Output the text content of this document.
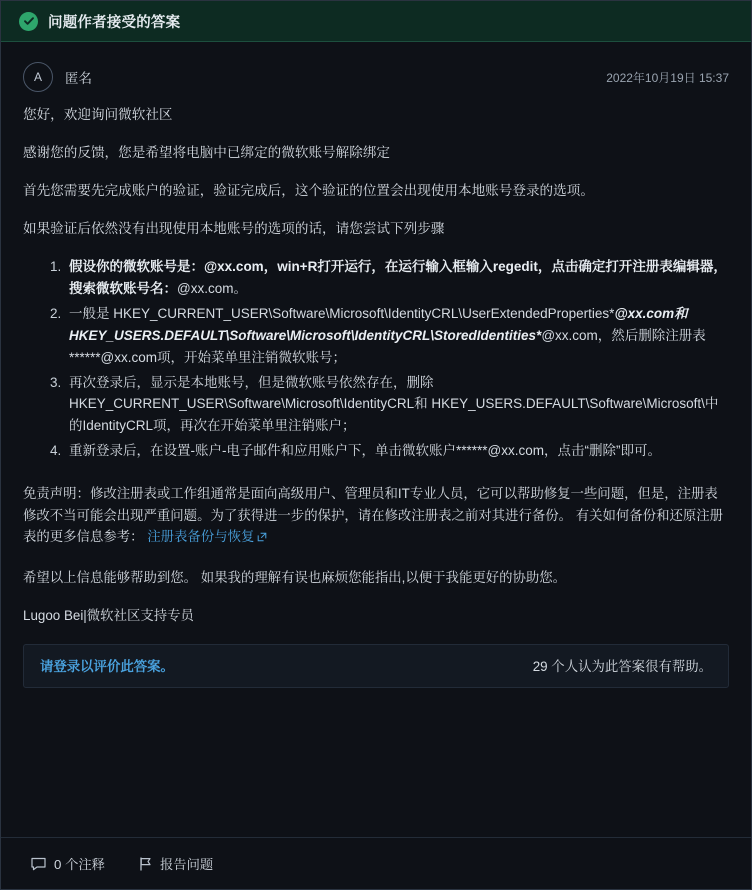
问题作者接受的答案
A	匿名	2022年10月19日 15:37

您好，欢迎询问微软社区

感谢您的反馈，您是希望将电脑中已绑定的微软账号解除绑定

首先您需要先完成账户的验证，验证完成后，这个验证的位置会出现使用本地账号登录的选项。

如果验证后依然没有出现使用本地账号的选项的话，请您尝试下列步骤

1. 假设你的微软账号是：@xx.com，win+R打开运行，在运行输入框输入regedit，点击确定打开注册表编辑器，搜索微软账号名：@xx.com。
2. 一般是 HKEY_CURRENT_USER\Software\Microsoft\IdentityCRL\UserExtendedProperties*@xx.com和HKEY_USERS.DEFAULT\Software\Microsoft\IdentityCRL\StoredIdentities*@xx.com，然后删除注册表******@xx.com项，开始菜单里注销微软账号；
3. 再次登录后，显示是本地账号，但是微软账号依然存在，删除 HKEY_CURRENT_USER\Software\Microsoft\IdentityCRL和 HKEY_USERS.DEFAULT\Software\Microsoft\中的IdentityCRL项，再次在开始菜单里注销账户；
4. 重新登录后，在设置-账户-电子邮件和应用账户下，单击微软账户******@xx.com，点击“删除”即可。
免责声明：修改注册表或工作组通常是面向高级用户、管理员和IT专业人员，它可以帮助修复一些问题，但是，注册表修改不当可能会出现严重问题。为了获得进一步的保护，请在修改注册表之前对其进行备份。 有关如何备份和还原注册表的更多信息参考： 注册表备份与恢复
希望以上信息能够帮助到您。 如果我的理解有误也麻烦您能指出,以便于我能更好的协助您。
Lugoo Bei|微软社区支持专员
请登录以评价此答案。	29 个人认为此答案很有帮助。
0 个注释	报告问题
